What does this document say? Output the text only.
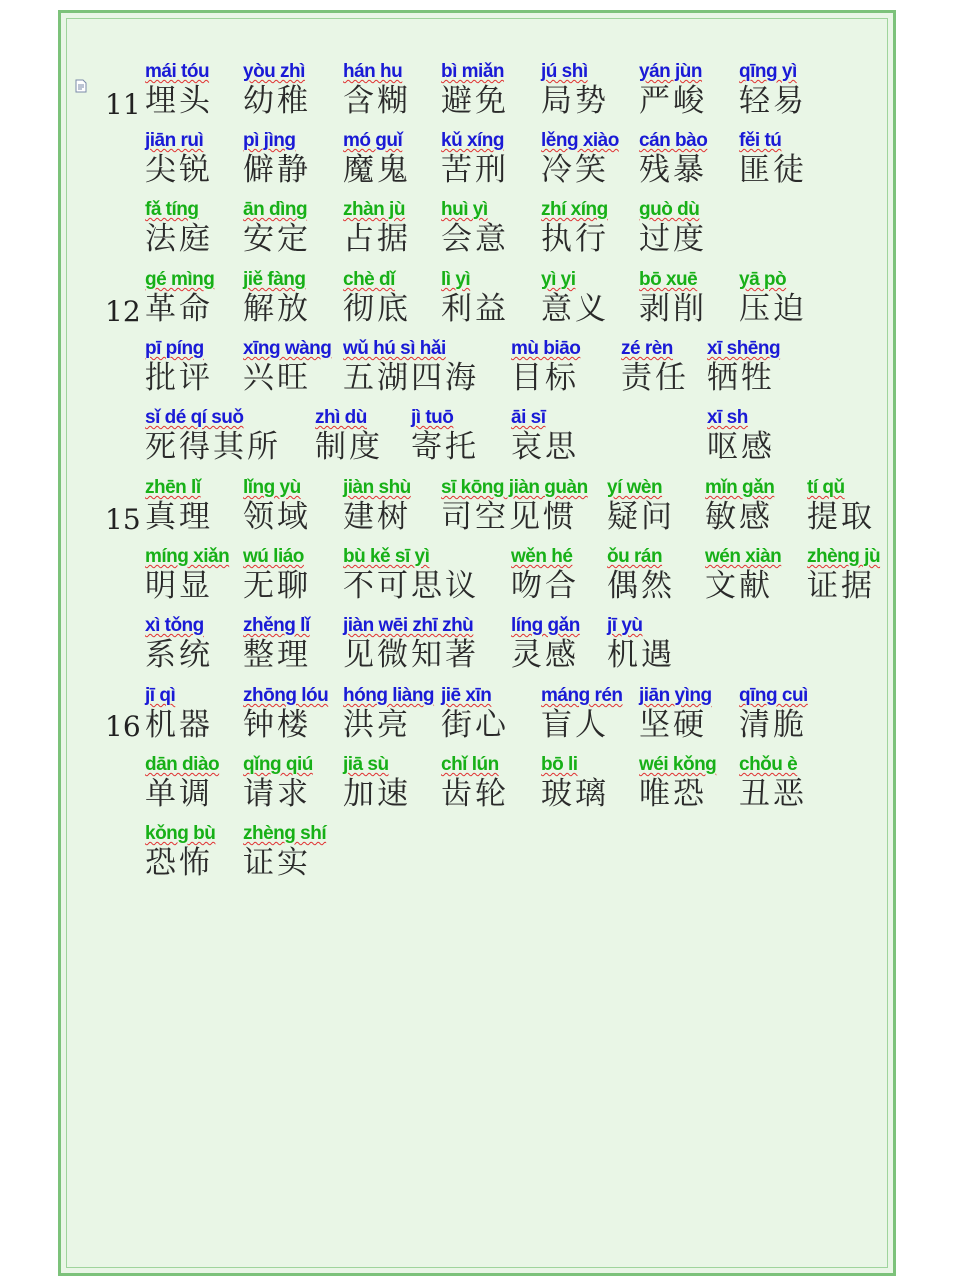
11
12
15
16
mái tóu
埋头
yòu zhì
幼稚
hán hu
含糊
bì miǎn
避免
jú shì
局势
yán jùn
严峻
qīng yì
轻易
jiān ruì
尖锐
pì jìng
僻静
mó guǐ
魔鬼
kǔ xíng
苦刑
lěng xiào
冷笑
cán bào
残暴
fěi tú
匪徒
fǎ tíng
法庭
ān dìng
安定
zhàn jù
占据
huì yì
会意
zhí xíng
执行
guò dù
过度
gé mìng
革命
jiě fàng
解放
chè dǐ
彻底
lì yì
利益
yì yi
意义
bō xuē
剥削
yā pò
压迫
pī píng
批评
xīng wàng
兴旺
wǔ hú sì hǎi
五湖四海
mù biāo
目标
zé rèn
责任
xī shēng
牺牲
sǐ dé qí suǒ
死得其所
zhì dù
制度
jì tuō
寄托
āi sī
哀思
xī sh
呕感
zhēn lǐ
真理
lǐng yù
领域
jiàn shù
建树
sī kōng jiàn guàn
司空见惯
yí wèn
疑问
mǐn gǎn
敏感
tí qǔ
提取
míng xiǎn
明显
wú liáo
无聊
bù kě sī yì
不可思议
wěn hé
吻合
ǒu rán
偶然
wén xiàn
文献
zhèng jù
证据
xì tǒng
系统
zhěng lǐ
整理
jiàn wēi zhī zhù
见微知著
líng gǎn
灵感
jī yù
机遇
jī qì
机器
zhōng lóu
钟楼
hóng liàng
洪亮
jiē xīn
街心
máng rén
盲人
jiān yìng
坚硬
qīng cuì
清脆
dān diào
单调
qǐng qiú
请求
jiā sù
加速
chǐ lún
齿轮
bō li
玻璃
wéi kǒng
唯恐
chǒu è
丑恶
kǒng bù
恐怖
zhèng shí
证实
